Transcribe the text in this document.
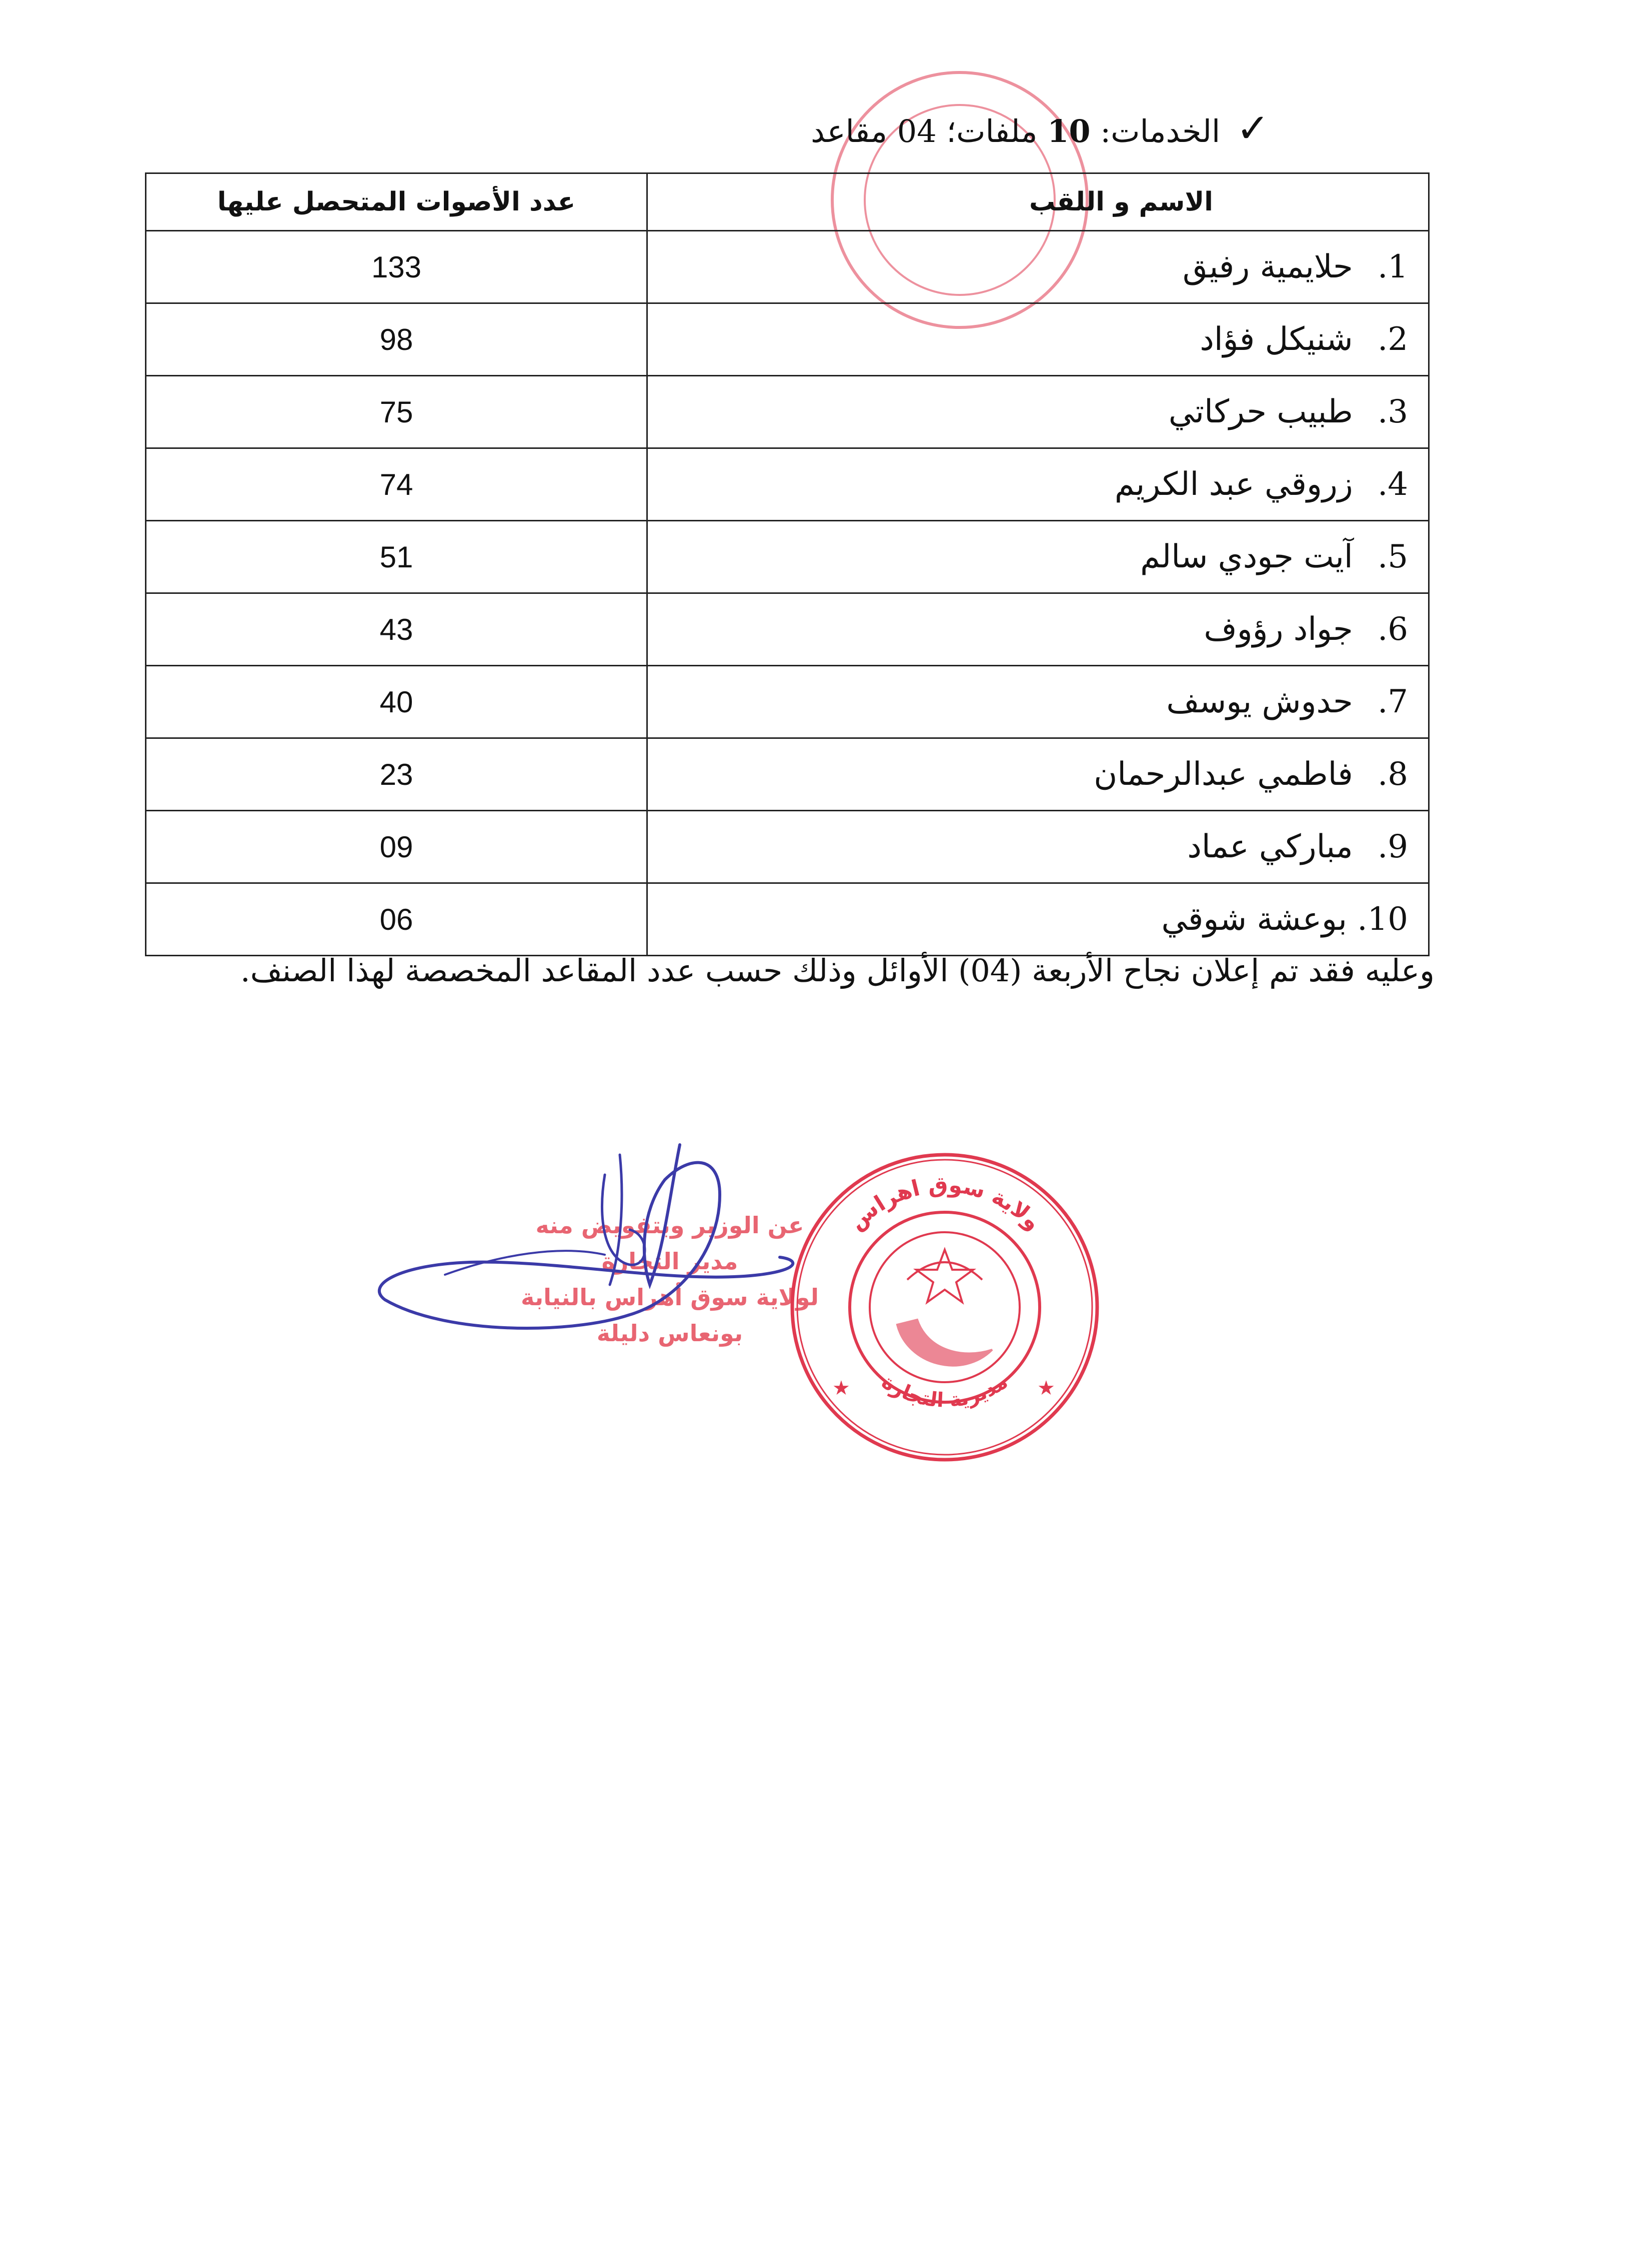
✓ الخدمات: 10 ملفات؛ 04 مقاعد
الاسم و اللقب	عدد الأصوات المتحصل عليها
1. حلايمية رفيق	133
2. شنيكل فؤاد	98
3. طبيب حركاتي	75
4. زروقي عبد الكريم	74
5. آيت جودي سالم	51
6. جواد رؤوف	43
7. حدوش يوسف	40
8. فاطمي عبدالرحمان	23
9. مباركي عماد	09
10. بوعشة شوقي	06
وعليه فقد تم إعلان نجاح الأربعة (04) الأوائل وذلك حسب عدد المقاعد المخصصة لهذا الصنف.
عن الوزير وبتفويض منه
مدير التجارة
لولاية سوق أهراس بالنيابة
بونعاس دليلة
ولاية سوق اهراس
مديرية التجارة
★	★
